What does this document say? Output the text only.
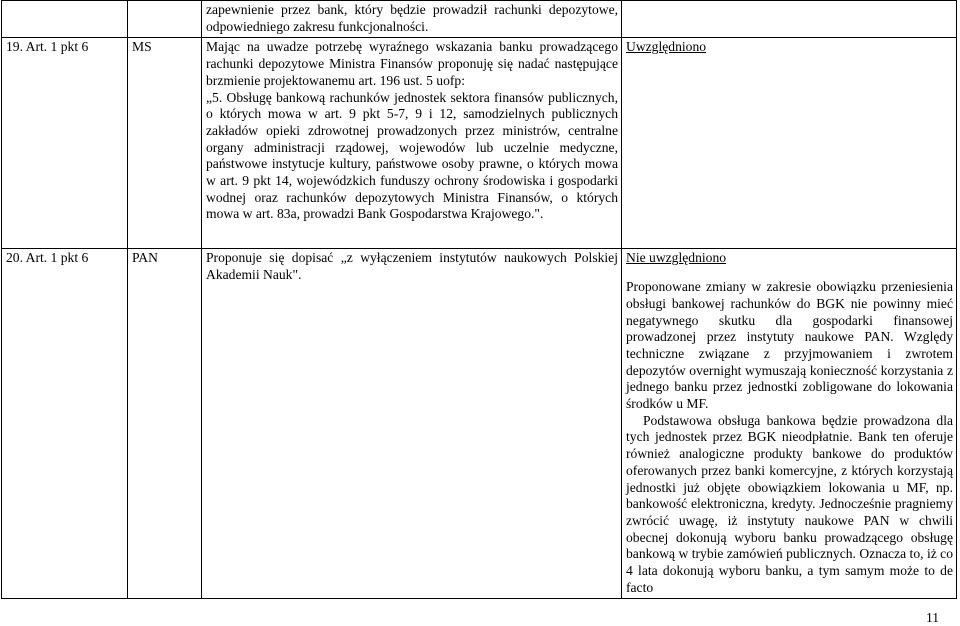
		zapewnienie przez bank, który będzie prowadził rachunki depozytowe, odpowiedniego zakresu funkcjonalności.	

19. Art. 1 pkt 6	MS	Mając na uwadze potrzebę wyraźnego wskazania banku prowadzącego rachunki depozytowe Ministra Finansów proponuję się nadać następujące brzmienie projektowanemu art. 196 ust. 5 uofp:

„5. Obsługę bankową rachunków jednostek sektora finansów publicznych, o których mowa w art. 9 pkt 5-7, 9 i 12, samodzielnych publicznych zakładów opieki zdrowotnej prowadzonych przez ministrów, centralne organy administracji rządowej, wojewodów lub uczelnie medyczne, państwowe instytucje kultury, państwowe osoby prawne, o których mowa w art. 9 pkt 14, wojewódzkich funduszy ochrony środowiska i gospodarki wodnej oraz rachunków depozytowych Ministra Finansów, o których mowa w art. 83a, prowadzi Bank Gospodarstwa Krajowego.".	Uwzględniono

20. Art. 1 pkt 6	PAN	Proponuje się dopisać „z wyłączeniem instytutów naukowych Polskiej Akademii Nauk".	Nie uwzględniono

Proponowane zmiany w zakresie obowiązku przeniesienia obsługi bankowej rachunków do BGK nie powinny mieć negatywnego skutku dla gospodarki finansowej prowadzonej przez instytuty naukowe PAN. Względy techniczne związane z przyjmowaniem i zwrotem depozytów overnight wymuszają konieczność korzystania z jednego banku przez jednostki zobligowane do lokowania środków u MF.

Podstawowa obsługa bankowa będzie prowadzona dla tych jednostek przez BGK nieodpłatnie. Bank ten oferuje również analogiczne produkty bankowe do produktów oferowanych przez banki komercyjne, z których korzystają jednostki już objęte obowiązkiem lokowania u MF, np. bankowość elektroniczna, kredyty. Jednocześnie pragniemy zwrócić uwagę, iż instytuty naukowe PAN w chwili obecnej dokonują wyboru banku prowadzącego obsługę bankową w trybie zamówień publicznych. Oznacza to, iż co 4 lata dokonują wyboru banku, a tym samym może to de facto

11
